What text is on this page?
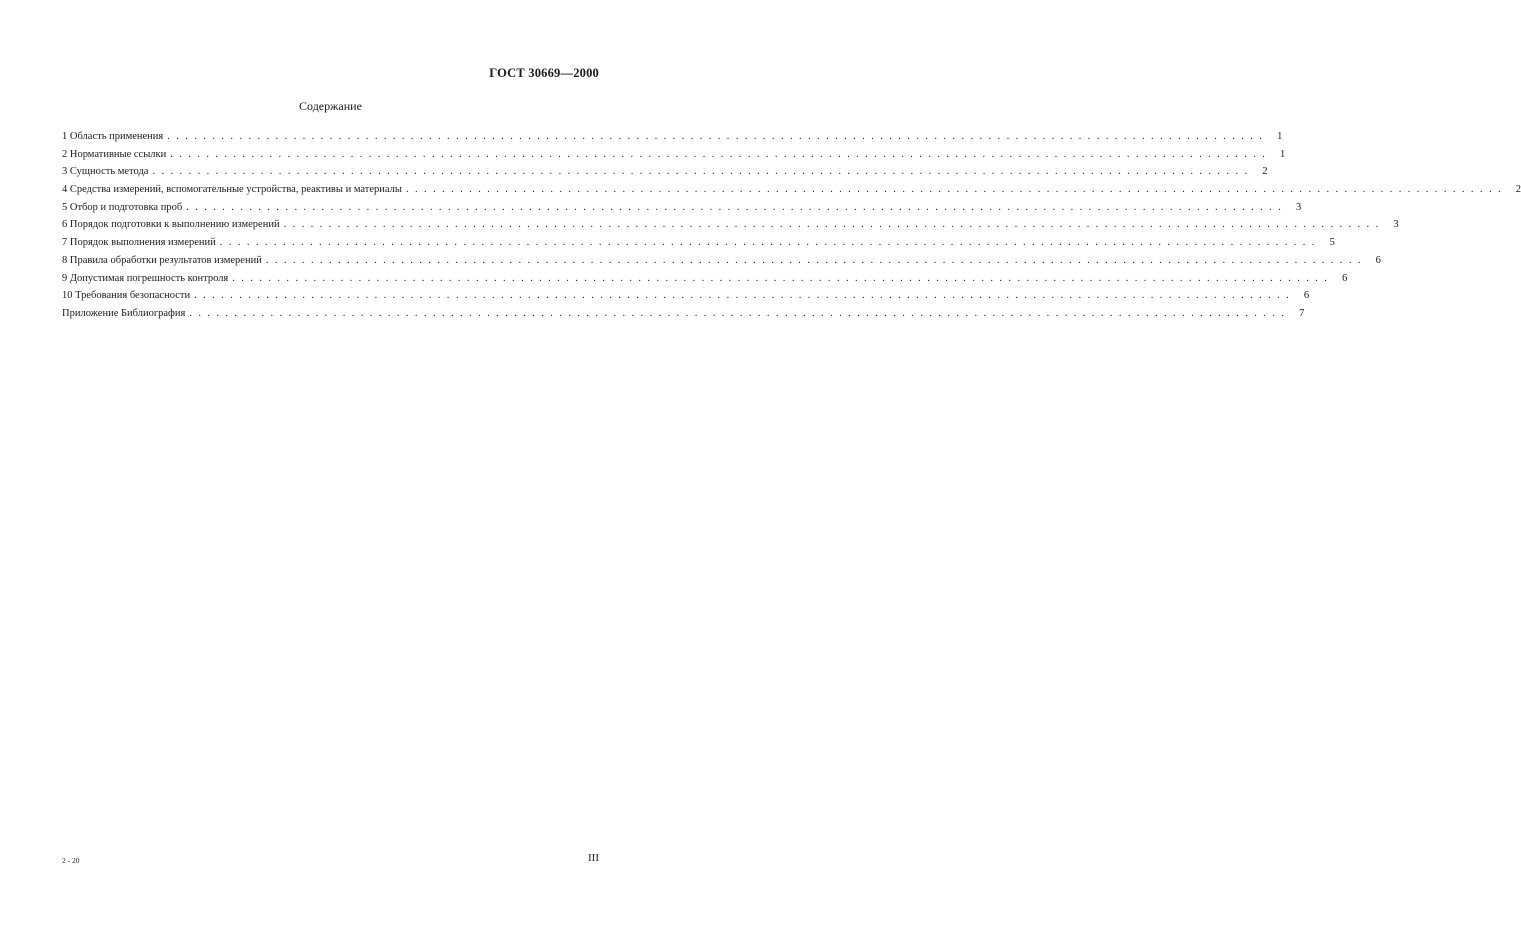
ГОСТ 30669—2000
Содержание
1 Область применения .......................................................................................................................... 1
2 Нормативные ссылки .......................................................................................................................... 1
3 Сущность метода .......................................................................................................................... 2
4 Средства измерений, вспомогательные устройства, реактивы и материалы .......................................................................................................................... 2
5 Отбор и подготовка проб .......................................................................................................................... 3
6 Порядок подготовки к выполнению измерений .......................................................................................................................... 3
7 Порядок выполнения измерений .......................................................................................................................... 5
8 Правила обработки результатов измерений .......................................................................................................................... 6
9 Допустимая погрешность контроля .......................................................................................................................... 6
10 Требования безопасности .......................................................................................................................... 6
Приложение Библиография .......................................................................................................................... 7
2 - 20	III
